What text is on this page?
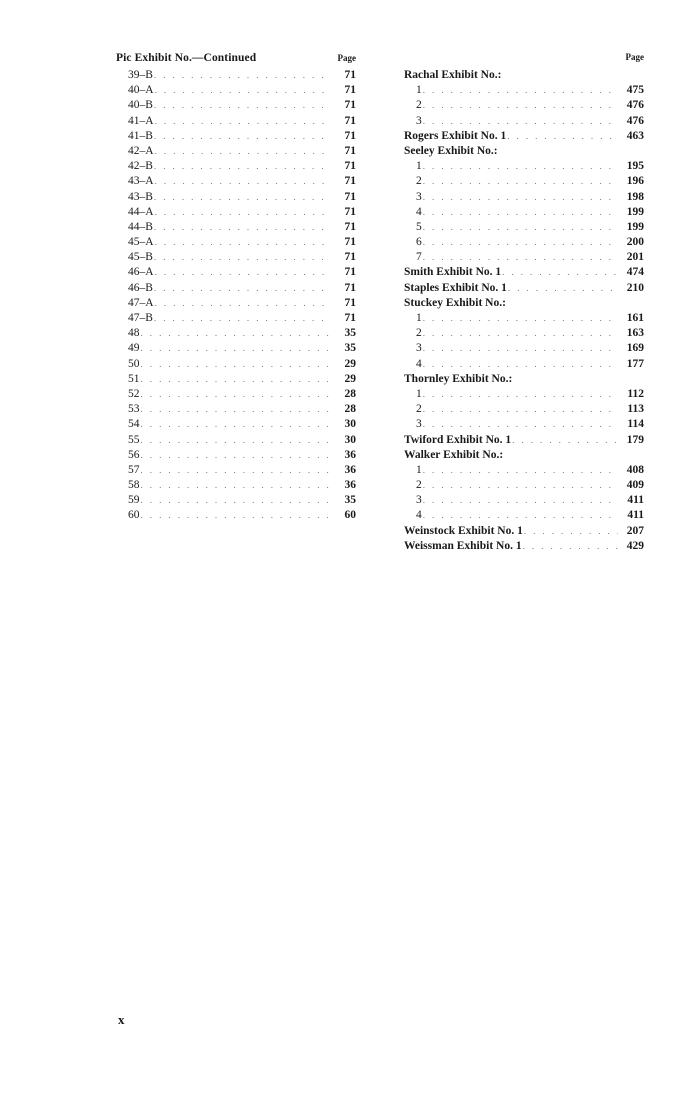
Pic Exhibit No.—Continued	Page
39–B . . .	71
40–A . . .	71
40–B . . .	71
41–A . . .	71
41–B . . .	71
42–A . . .	71
42–B . . .	71
43–A . . .	71
43–B . . .	71
44–A . . .	71
44–B . . .	71
45–A . . .	71
45–B . . .	71
46–A . . .	71
46–B . . .	71
47–A . . .	71
47–B . . .	71
48 . . .	35
49 . . .	35
50 . . .	29
51 . . .	29
52 . . .	28
53 . . .	28
54 . . .	30
55 . . .	30
56 . . .	36
57 . . .	36
58 . . .	36
59 . . .	35
60 . . .	60
Page
Rachal Exhibit No.:
1 . . .	475
2 . . .	476
3 . . .	476
Rogers Exhibit No. 1 . . .	463
Seeley Exhibit No.:
1 . . .	195
2 . . .	196
3 . . .	198
4 . . .	199
5 . . .	199
6 . . .	200
7 . . .	201
Smith Exhibit No. 1 . . .	474
Staples Exhibit No. 1 . . .	210
Stuckey Exhibit No.:
1 . . .	161
2 . . .	163
3 . . .	169
4 . . .	177
Thornley Exhibit No.:
1 . . .	112
2 . . .	113
3 . . .	114
Twiford Exhibit No. 1 . . .	179
Walker Exhibit No.:
1 . . .	408
2 . . .	409
3 . . .	411
4 . . .	411
Weinstock Exhibit No. 1 . . .	207
Weissman Exhibit No. 1 . . .	429
x
